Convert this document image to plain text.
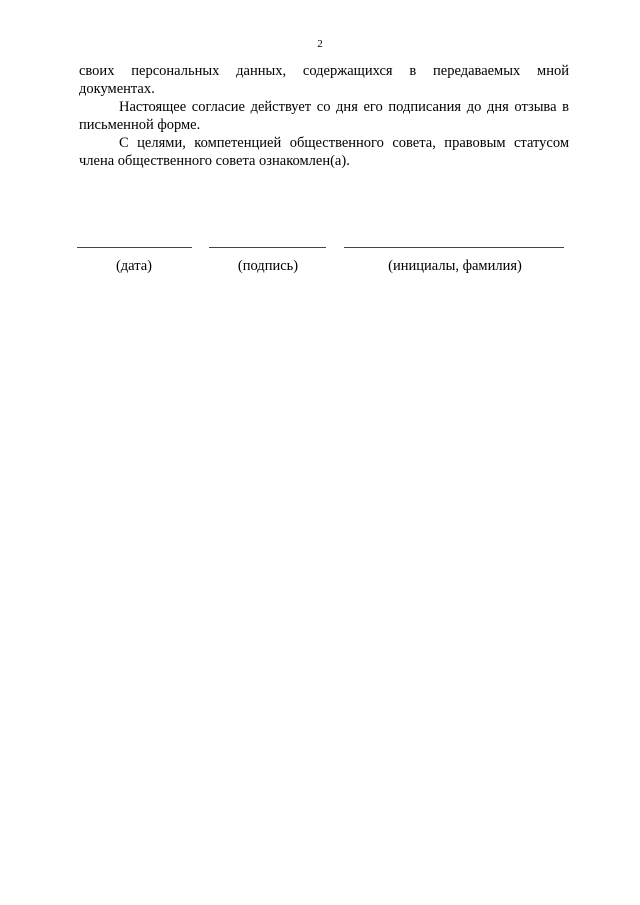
2

своих персональных данных, содержащихся в передаваемых мной документах.

Настоящее согласие действует со дня его подписания до дня отзыва в письменной форме.

С целями, компетенцией общественного совета, правовым статусом члена общественного совета ознакомлен(а).

(дата)	(подпись)	(инициалы, фамилия)
